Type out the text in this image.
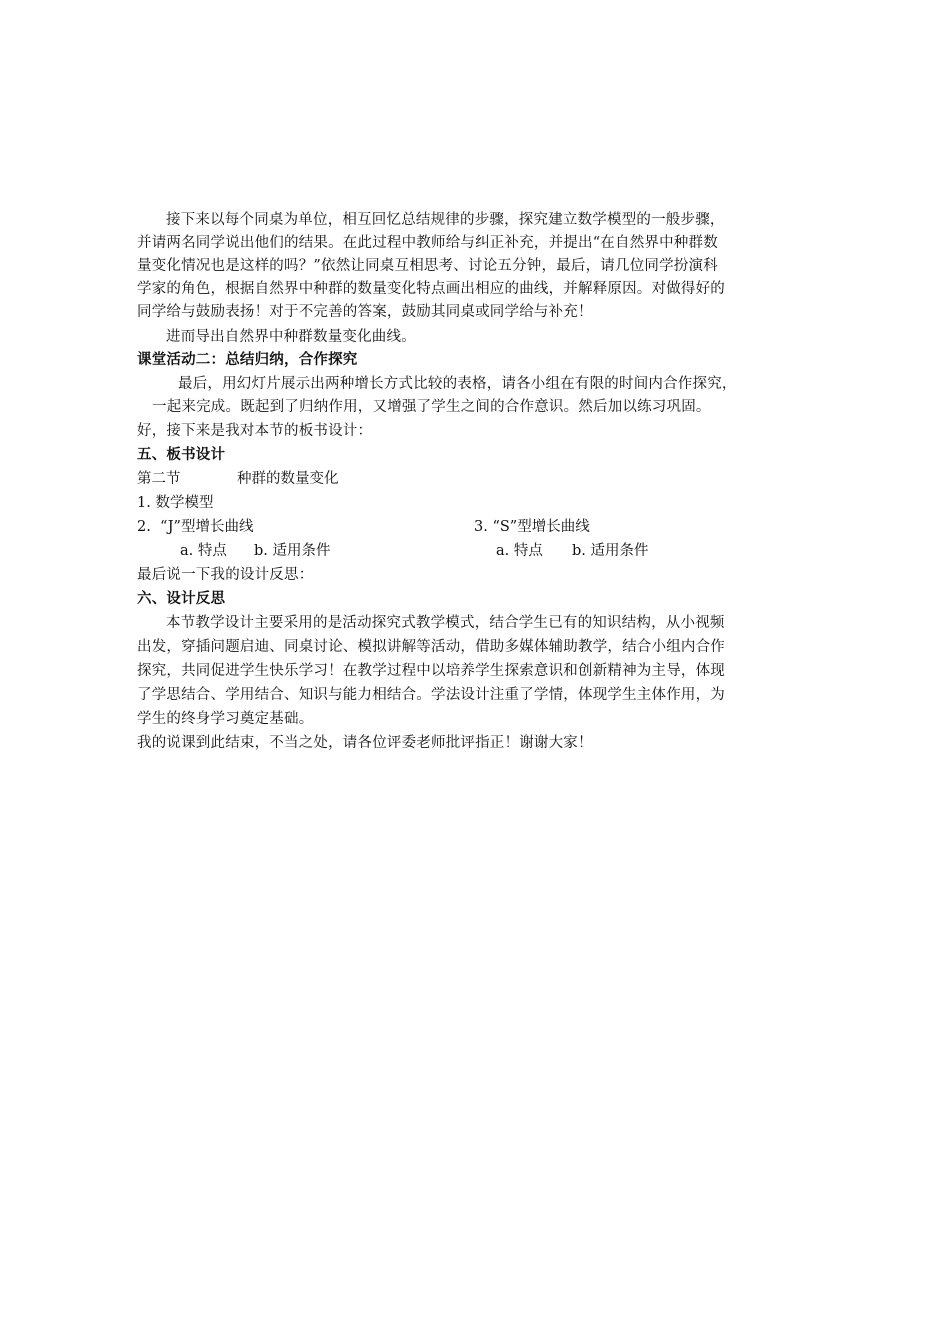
接下来以每个同桌为单位，相互回忆总结规律的步骤，探究建立数学模型的一般步骤，
并请两名同学说出他们的结果。在此过程中教师给与纠正补充，并提出“在自然界中种群数
量变化情况也是这样的吗？”依然让同桌互相思考、讨论五分钟，最后，请几位同学扮演科
学家的角色，根据自然界中种群的数量变化特点画出相应的曲线，并解释原因。对做得好的
同学给与鼓励表扬！对于不完善的答案，鼓励其同桌或同学给与补充！
进而导出自然界中种群数量变化曲线。
课堂活动二：总结归纳，合作探究
最后，用幻灯片展示出两种增长方式比较的表格，请各小组在有限的时间内合作探究，
一起来完成。既起到了归纳作用，又增强了学生之间的合作意识。然后加以练习巩固。
好，接下来是我对本节的板书设计：
五、板书设计
第二节	种群的数量变化
1. 数学模型
2. “J”型增长曲线	3. “S”型增长曲线
a. 特点 b. 适用条件	a. 特点 b. 适用条件
最后说一下我的设计反思：
六、设计反思
本节教学设计主要采用的是活动探究式教学模式，结合学生已有的知识结构，从小视频
出发，穿插问题启迪、同桌讨论、模拟讲解等活动，借助多媒体辅助教学，结合小组内合作
探究，共同促进学生快乐学习！在教学过程中以培养学生探索意识和创新精神为主导，体现
了学思结合、学用结合、知识与能力相结合。学法设计注重了学情，体现学生主体作用，为
学生的终身学习奠定基础。
我的说课到此结束，不当之处，请各位评委老师批评指正！谢谢大家！
